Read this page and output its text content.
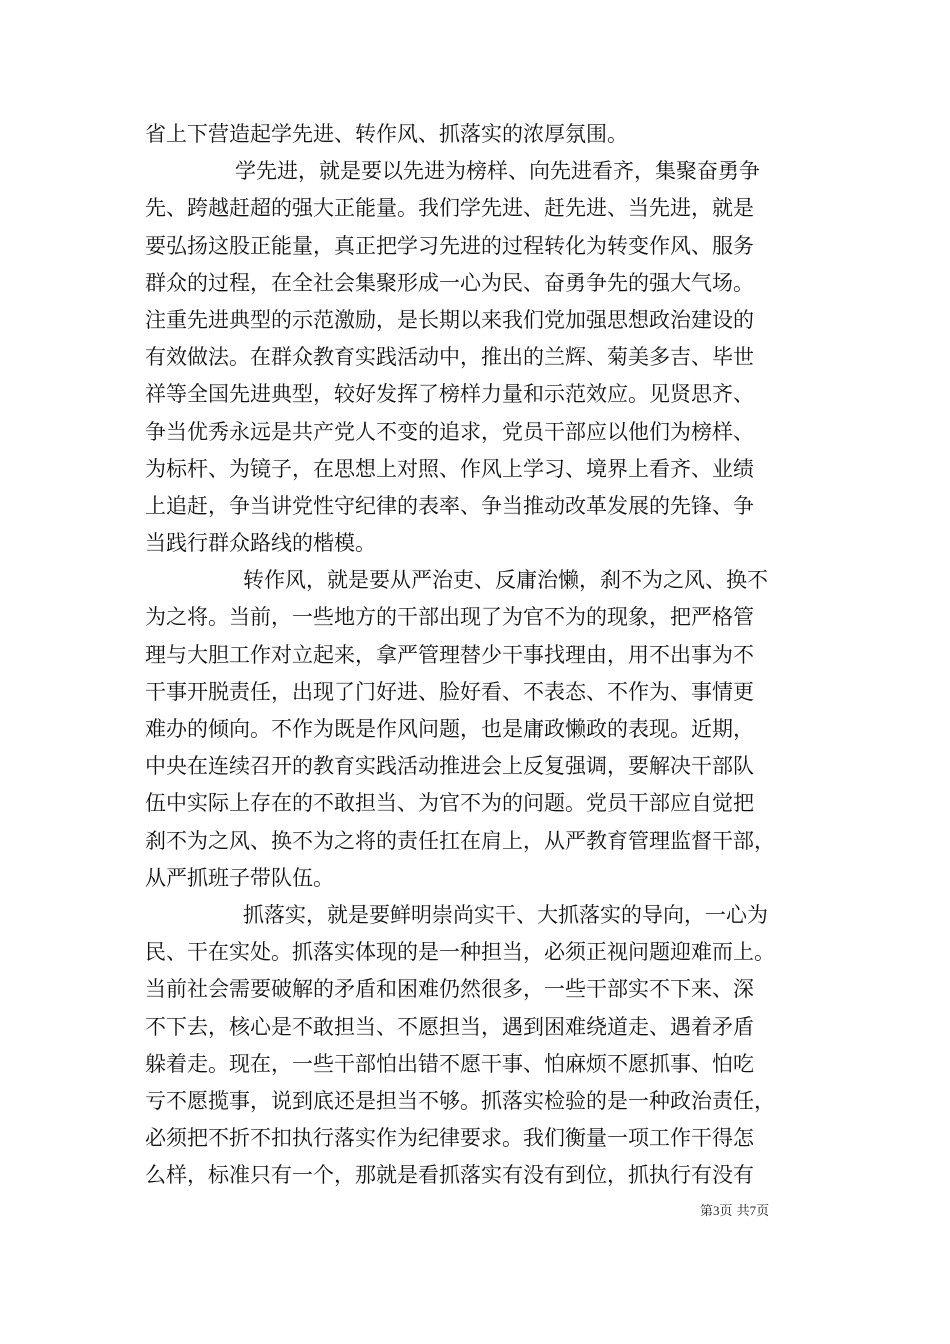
省上下营造起学先进、转作风、抓落实的浓厚氛围。
学先进，就是要以先进为榜样、向先进看齐，集聚奋勇争
先、跨越赶超的强大正能量。我们学先进、赶先进、当先进，就是
要弘扬这股正能量，真正把学习先进的过程转化为转变作风、服务
群众的过程，在全社会集聚形成一心为民、奋勇争先的强大气场。
注重先进典型的示范激励，是长期以来我们党加强思想政治建设的
有效做法。在群众教育实践活动中，推出的兰辉、菊美多吉、毕世
祥等全国先进典型，较好发挥了榜样力量和示范效应。见贤思齐、
争当优秀永远是共产党人不变的追求，党员干部应以他们为榜样、
为标杆、为镜子，在思想上对照、作风上学习、境界上看齐、业绩
上追赶，争当讲党性守纪律的表率、争当推动改革发展的先锋、争
当践行群众路线的楷模。
转作风，就是要从严治吏、反庸治懒，刹不为之风、换不
为之将。当前，一些地方的干部出现了为官不为的现象，把严格管
理与大胆工作对立起来，拿严管理替少干事找理由，用不出事为不
干事开脱责任，出现了门好进、脸好看、不表态、不作为、事情更
难办的倾向。不作为既是作风问题，也是庸政懒政的表现。近期，
中央在连续召开的教育实践活动推进会上反复强调，要解决干部队
伍中实际上存在的不敢担当、为官不为的问题。党员干部应自觉把
刹不为之风、换不为之将的责任扛在肩上，从严教育管理监督干部，
从严抓班子带队伍。
抓落实，就是要鲜明崇尚实干、大抓落实的导向，一心为
民、干在实处。抓落实体现的是一种担当，必须正视问题迎难而上。
当前社会需要破解的矛盾和困难仍然很多，一些干部实不下来、深
不下去，核心是不敢担当、不愿担当，遇到困难绕道走、遇着矛盾
躲着走。现在，一些干部怕出错不愿干事、怕麻烦不愿抓事、怕吃
亏不愿揽事，说到底还是担当不够。抓落实检验的是一种政治责任，
必须把不折不扣执行落实作为纪律要求。我们衡量一项工作干得怎
么样，标准只有一个，那就是看抓落实有没有到位，抓执行有没有
第3页 共7页
